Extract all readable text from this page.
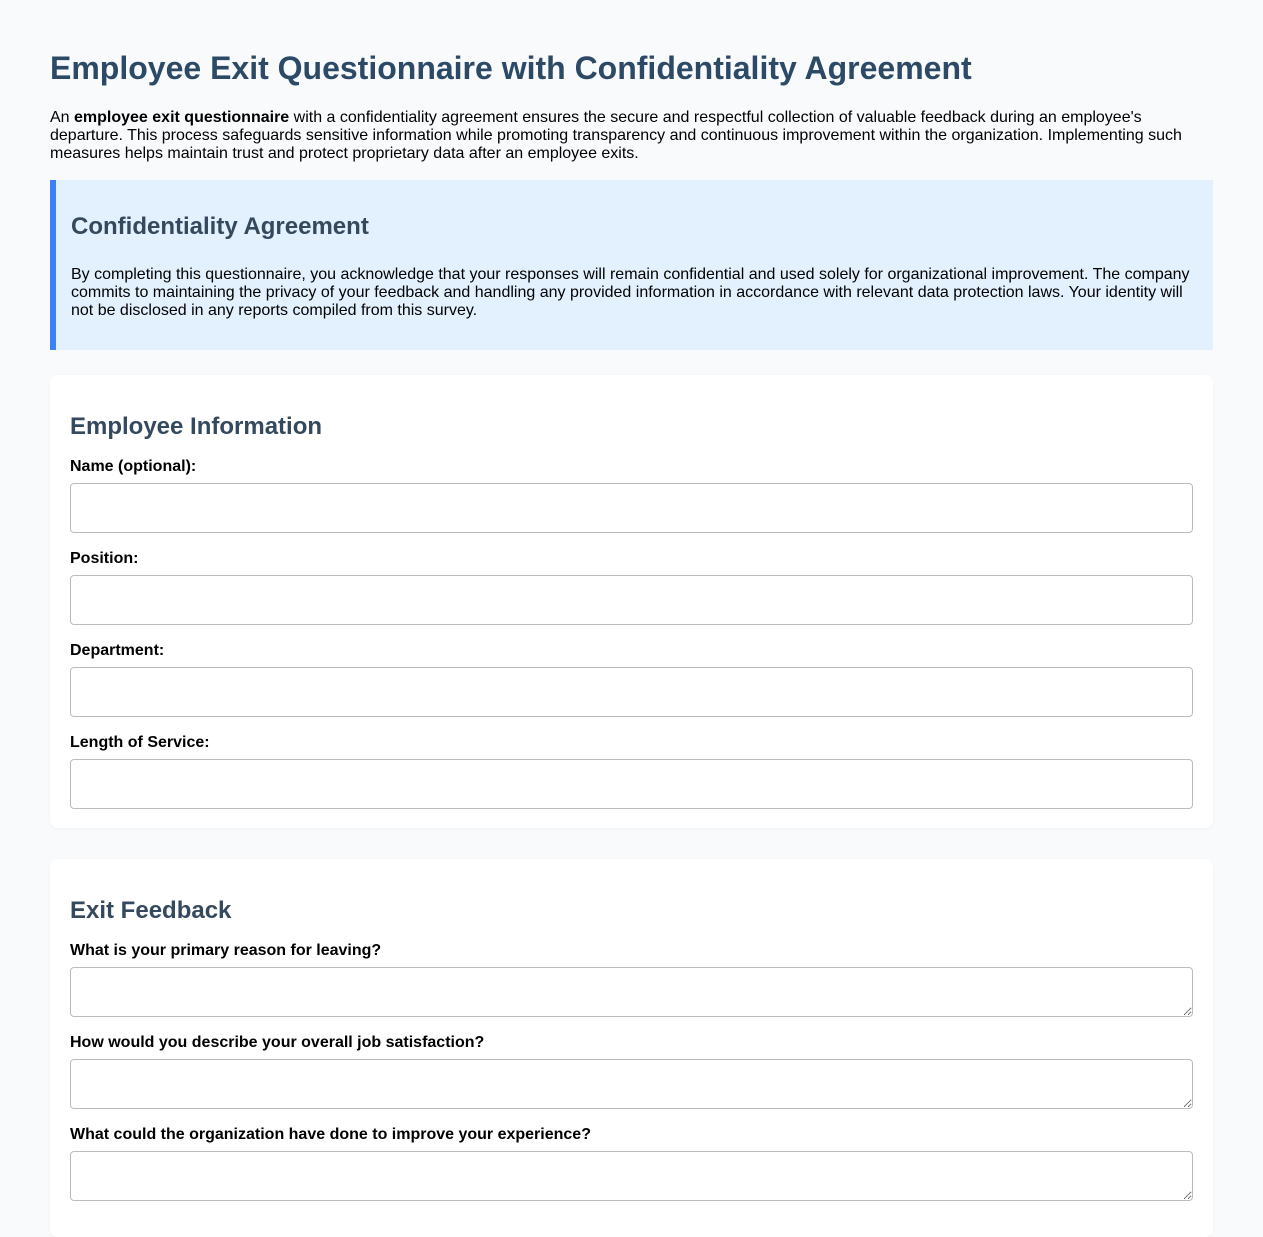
Employee Exit Questionnaire with Confidentiality Agreement

An employee exit questionnaire with a confidentiality agreement ensures the secure and respectful collection of valuable feedback during an employee's departure. This process safeguards sensitive information while promoting transparency and continuous improvement within the organization. Implementing such measures helps maintain trust and protect proprietary data after an employee exits.

Confidentiality Agreement

By completing this questionnaire, you acknowledge that your responses will remain confidential and used solely for organizational improvement. The company commits to maintaining the privacy of your feedback and handling any provided information in accordance with relevant data protection laws. Your identity will not be disclosed in any reports compiled from this survey.

Employee Information
Name (optional):
Position:
Department:
Length of Service:
Exit Feedback
What is your primary reason for leaving?
How would you describe your overall job satisfaction?
What could the organization have done to improve your experience?
